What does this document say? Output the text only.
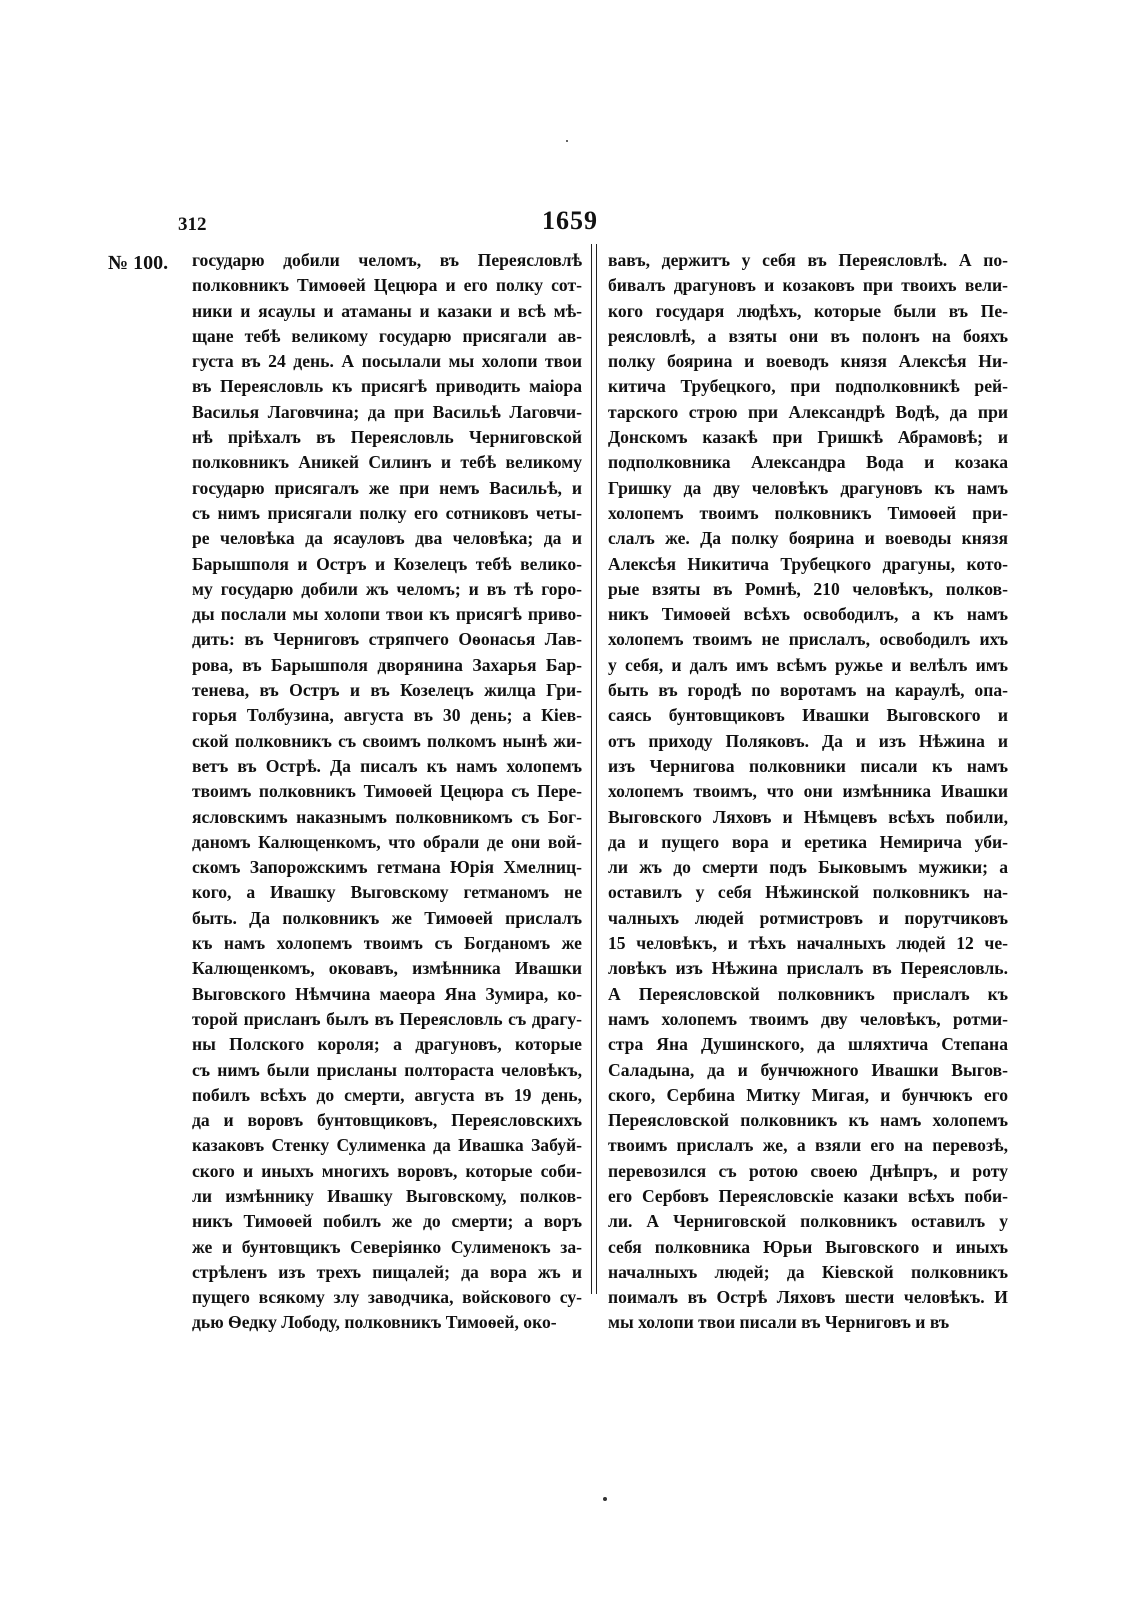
312	1659
№ 100. государю добили челомъ, въ Переясловлѣ
полковникъ Тимоѳей Цецюра и его полку сот-
ники и ясаулы и атаманы и казаки и всѣ мѣ-
щане тебѣ великому государю присягали ав-
густа въ 24 день. А посылали мы холопи твои
въ Переясловль къ присягѣ приводить маіора
Василья Лаговчина; да при Васильѣ Лаговчи-
нѣ пріѣхалъ въ Переясловль Черниговской
полковникъ Аникей Силинъ и тебѣ великому
государю присягалъ же при немъ Васильѣ, и
съ нимъ присягали полку его сотниковъ четы-
ре человѣка да ясауловъ два человѣка; да и
Барышполя и Остръ и Козелецъ тебѣ велико-
му государю добили жъ челомъ; и въ тѣ горо-
ды послали мы холопи твои къ присягѣ приво-
дить: въ Черниговъ стряпчего Оѳонасья Лав-
рова, въ Барышполя дворянина Захарья Бар-
тенева, въ Остръ и въ Козелецъ жилца Гри-
горья Толбузина, августа въ 30 день; а Кіев-
ской полковникъ съ своимъ полкомъ нынѣ жи-
ветъ въ Острѣ. Да писалъ къ намъ холопемъ
твоимъ полковникъ Тимоѳей Цецюра съ Пере-
ясловскимъ наказнымъ полковникомъ съ Бог-
даномъ Калющенкомъ, что обрали де они вой-
скомъ Запорожскимъ гетмана Юрія Хмелниц-
кого, а Ивашку Выговскому гетманомъ не
быть. Да полковникъ же Тимоѳей прислалъ
къ намъ холопемъ твоимъ съ Богданомъ же
Калющенкомъ, оковавъ, измѣнника Ивашки
Выговского Нѣмчина маеора Яна Зумира, ко-
торой присланъ былъ въ Переясловль съ драгу-
ны Полского короля; а драгуновъ, которые
съ нимъ были присланы полтораста человѣкъ,
побилъ всѣхъ до смерти, августа въ 19 день,
да и воровъ бунтовщиковъ, Переясловскихъ
казаковъ Стенку Сулименка да Ивашка Забуй-
ского и иныхъ многихъ воровъ, которые соби-
ли измѣннику Ивашку Выговскому, полков-
никъ Тимоѳей побилъ же до смерти; а воръ
же и бунтовщикъ Северіянко Сулименокъ за-
стрѣленъ изъ трехъ пищалей; да вора жъ и
пущего всякому злу заводчика, войскового су-
дью Ѳедку Лободу, полковникъ Тимоѳей, око-
вавъ, держитъ у себя въ Переясловлѣ. А по-
бивалъ драгуновъ и козаковъ при твоихъ вели-
кого государя людѣхъ, которые были въ Пе-
реясловлѣ, а взяты они въ полонъ на бояхъ
полку боярина и воеводъ князя Алексѣя Ни-
китича Трубецкого, при подполковникѣ рей-
тарского строю при Александрѣ Водѣ, да при
Донскомъ казакѣ при Гришкѣ Абрамовѣ; и
подполковника Александра Вода и козака
Гришку да дву человѣкъ драгуновъ къ намъ
холопемъ твоимъ полковникъ Тимоѳей при-
слалъ же. Да полку боярина и воеводы князя
Алексѣя Никитича Трубецкого драгуны, кото-
рые взяты въ Ромнѣ, 210 человѣкъ, полков-
никъ Тимоѳей всѣхъ освободилъ, а къ намъ
холопемъ твоимъ не прислалъ, освободилъ ихъ
у себя, и далъ имъ всѣмъ ружье и велѣлъ имъ
быть въ городѣ по воротамъ на караулѣ, опа-
саясь бунтовщиковъ Ивашки Выговского и
отъ приходу Поляковъ. Да и изъ Нѣжина и
изъ Чернигова полковники писали къ намъ
холопемъ твоимъ, что они измѣнника Ивашки
Выговского Ляховъ и Нѣмцевъ всѣхъ побили,
да и пущего вора и еретика Немирича уби-
ли жъ до смерти подъ Быковымъ мужики; а
оставилъ у себя Нѣжинской полковникъ на-
чалныхъ людей ротмистровъ и порутчиковъ
15 человѣкъ, и тѣхъ началныхъ людей 12 че-
ловѣкъ изъ Нѣжина прислалъ въ Переясловль.
А Переясловской полковникъ прислалъ къ
намъ холопемъ твоимъ дву человѣкъ, ротми-
стра Яна Душинского, да шляхтича Степана
Саладына, да и бунчюжного Ивашки Выгов-
ского, Сербина Митку Мигая, и бунчюкъ его
Переясловской полковникъ къ намъ холопемъ
твоимъ прислалъ же, а взяли его на перевозѣ,
перевозился съ ротою своею Днѣпръ, и роту
его Сербовъ Переясловскіе казаки всѣхъ поби-
ли. А Черниговской полковникъ оставилъ у
себя полковника Юрьи Выговского и иныхъ
началныхъ людей; да Кіевской полковникъ
поималъ въ Острѣ Ляховъ шести человѣкъ. И
мы холопи твои писали въ Черниговъ и въ
